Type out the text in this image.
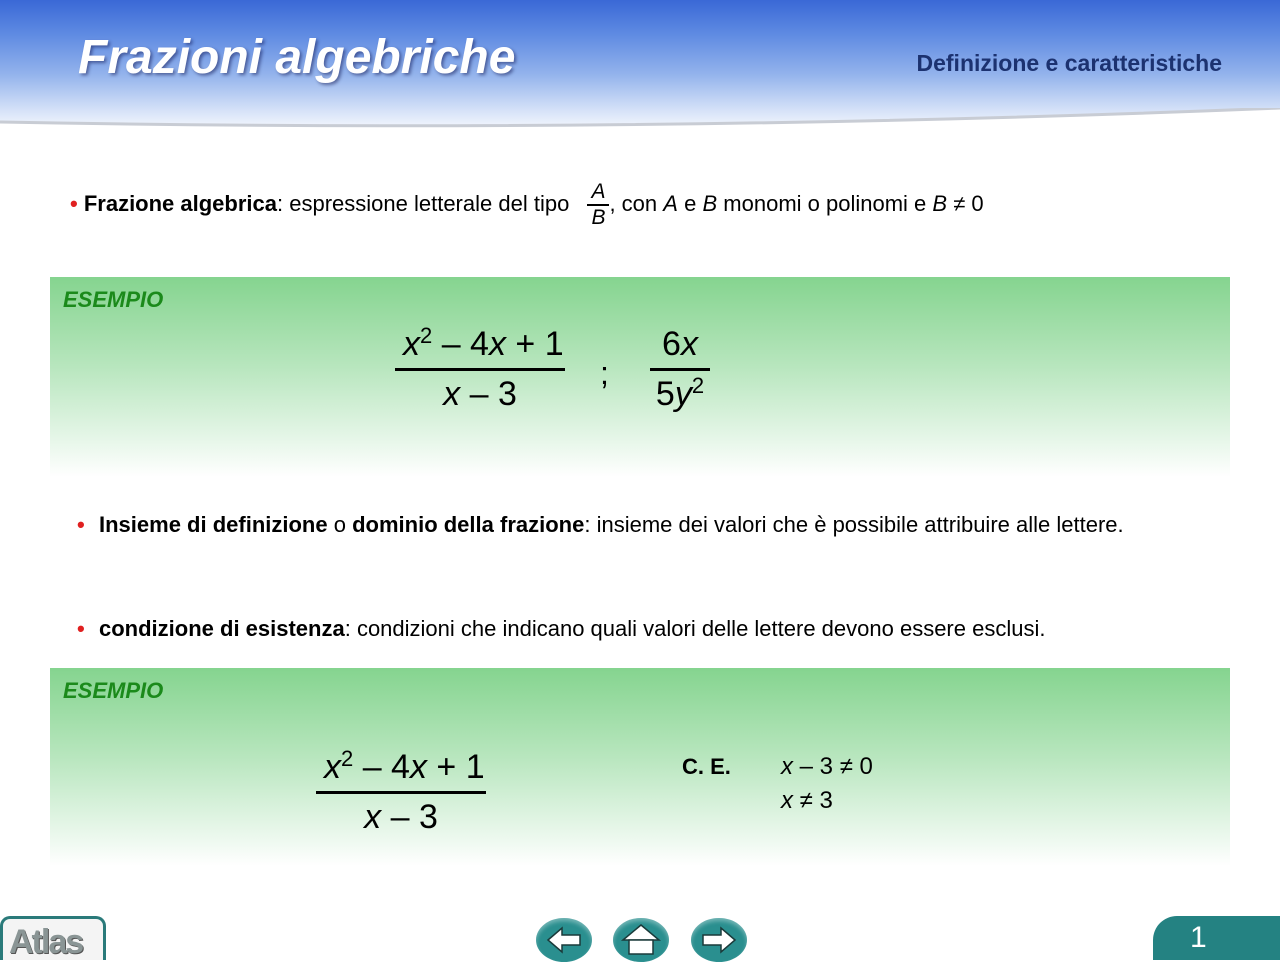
Frazioni algebriche	Definizione e caratteristiche
• Frazione algebrica: espressione letterale del tipo $\frac{A}{B}$ , con A e B monomi o polinomi e B ≠ 0
ESEMPIO
$\frac{x^2 - 4x + 1}{x - 3}$ ; $\frac{6x}{5y^2}$
• Insieme di definizione o dominio della frazione: insieme dei valori che è possibile attribuire alle lettere.
• condizione di esistenza: condizioni che indicano quali valori delle lettere devono essere esclusi.
ESEMPIO
$\frac{x^2 - 4x + 1}{x - 3}$	C. E. x – 3 ≠ 0
x ≠ 3
Atlas	1
